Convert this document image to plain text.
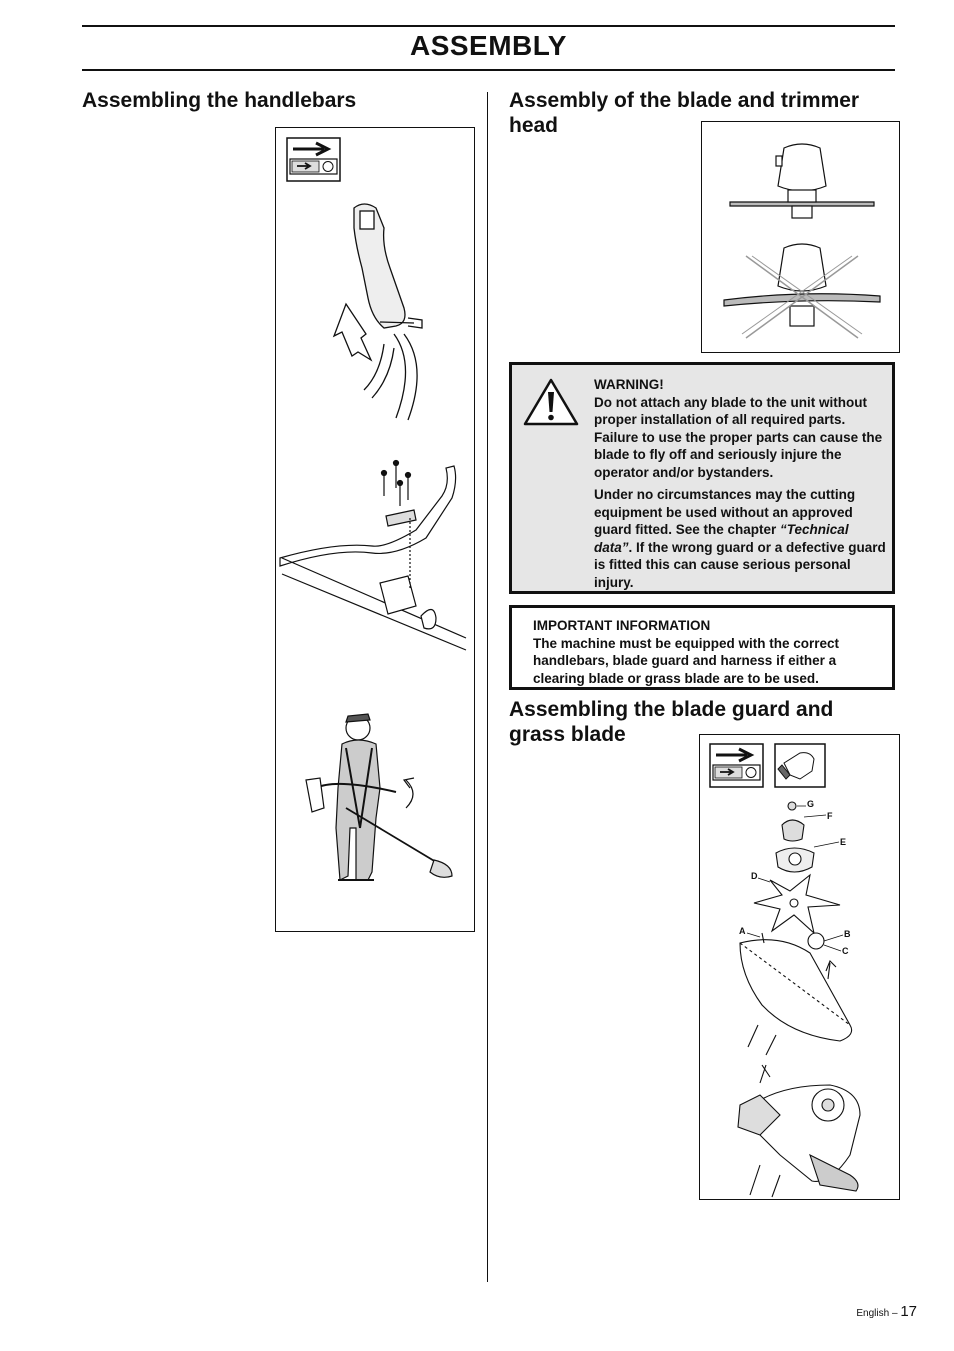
ASSEMBLY
Assembling the handlebars	Assembly of the blade and trimmer head
WARNING!

Do not attach any blade to the unit without proper installation of all required parts. Failure to use the proper parts can cause the blade to fly off and seriously injure the operator and/or bystanders.

Under no circumstances may the cutting equipment be used without an approved guard fitted. See the chapter “Technical data”. If the wrong guard or a defective guard is fitted this can cause serious personal injury.

IMPORTANT INFORMATION
The machine must be equipped with the correct handlebars, blade guard and harness if either a clearing blade or grass blade are to be used.
Assembling the blade guard and grass blade
G
F
E
D
A	B
C
English – 17
